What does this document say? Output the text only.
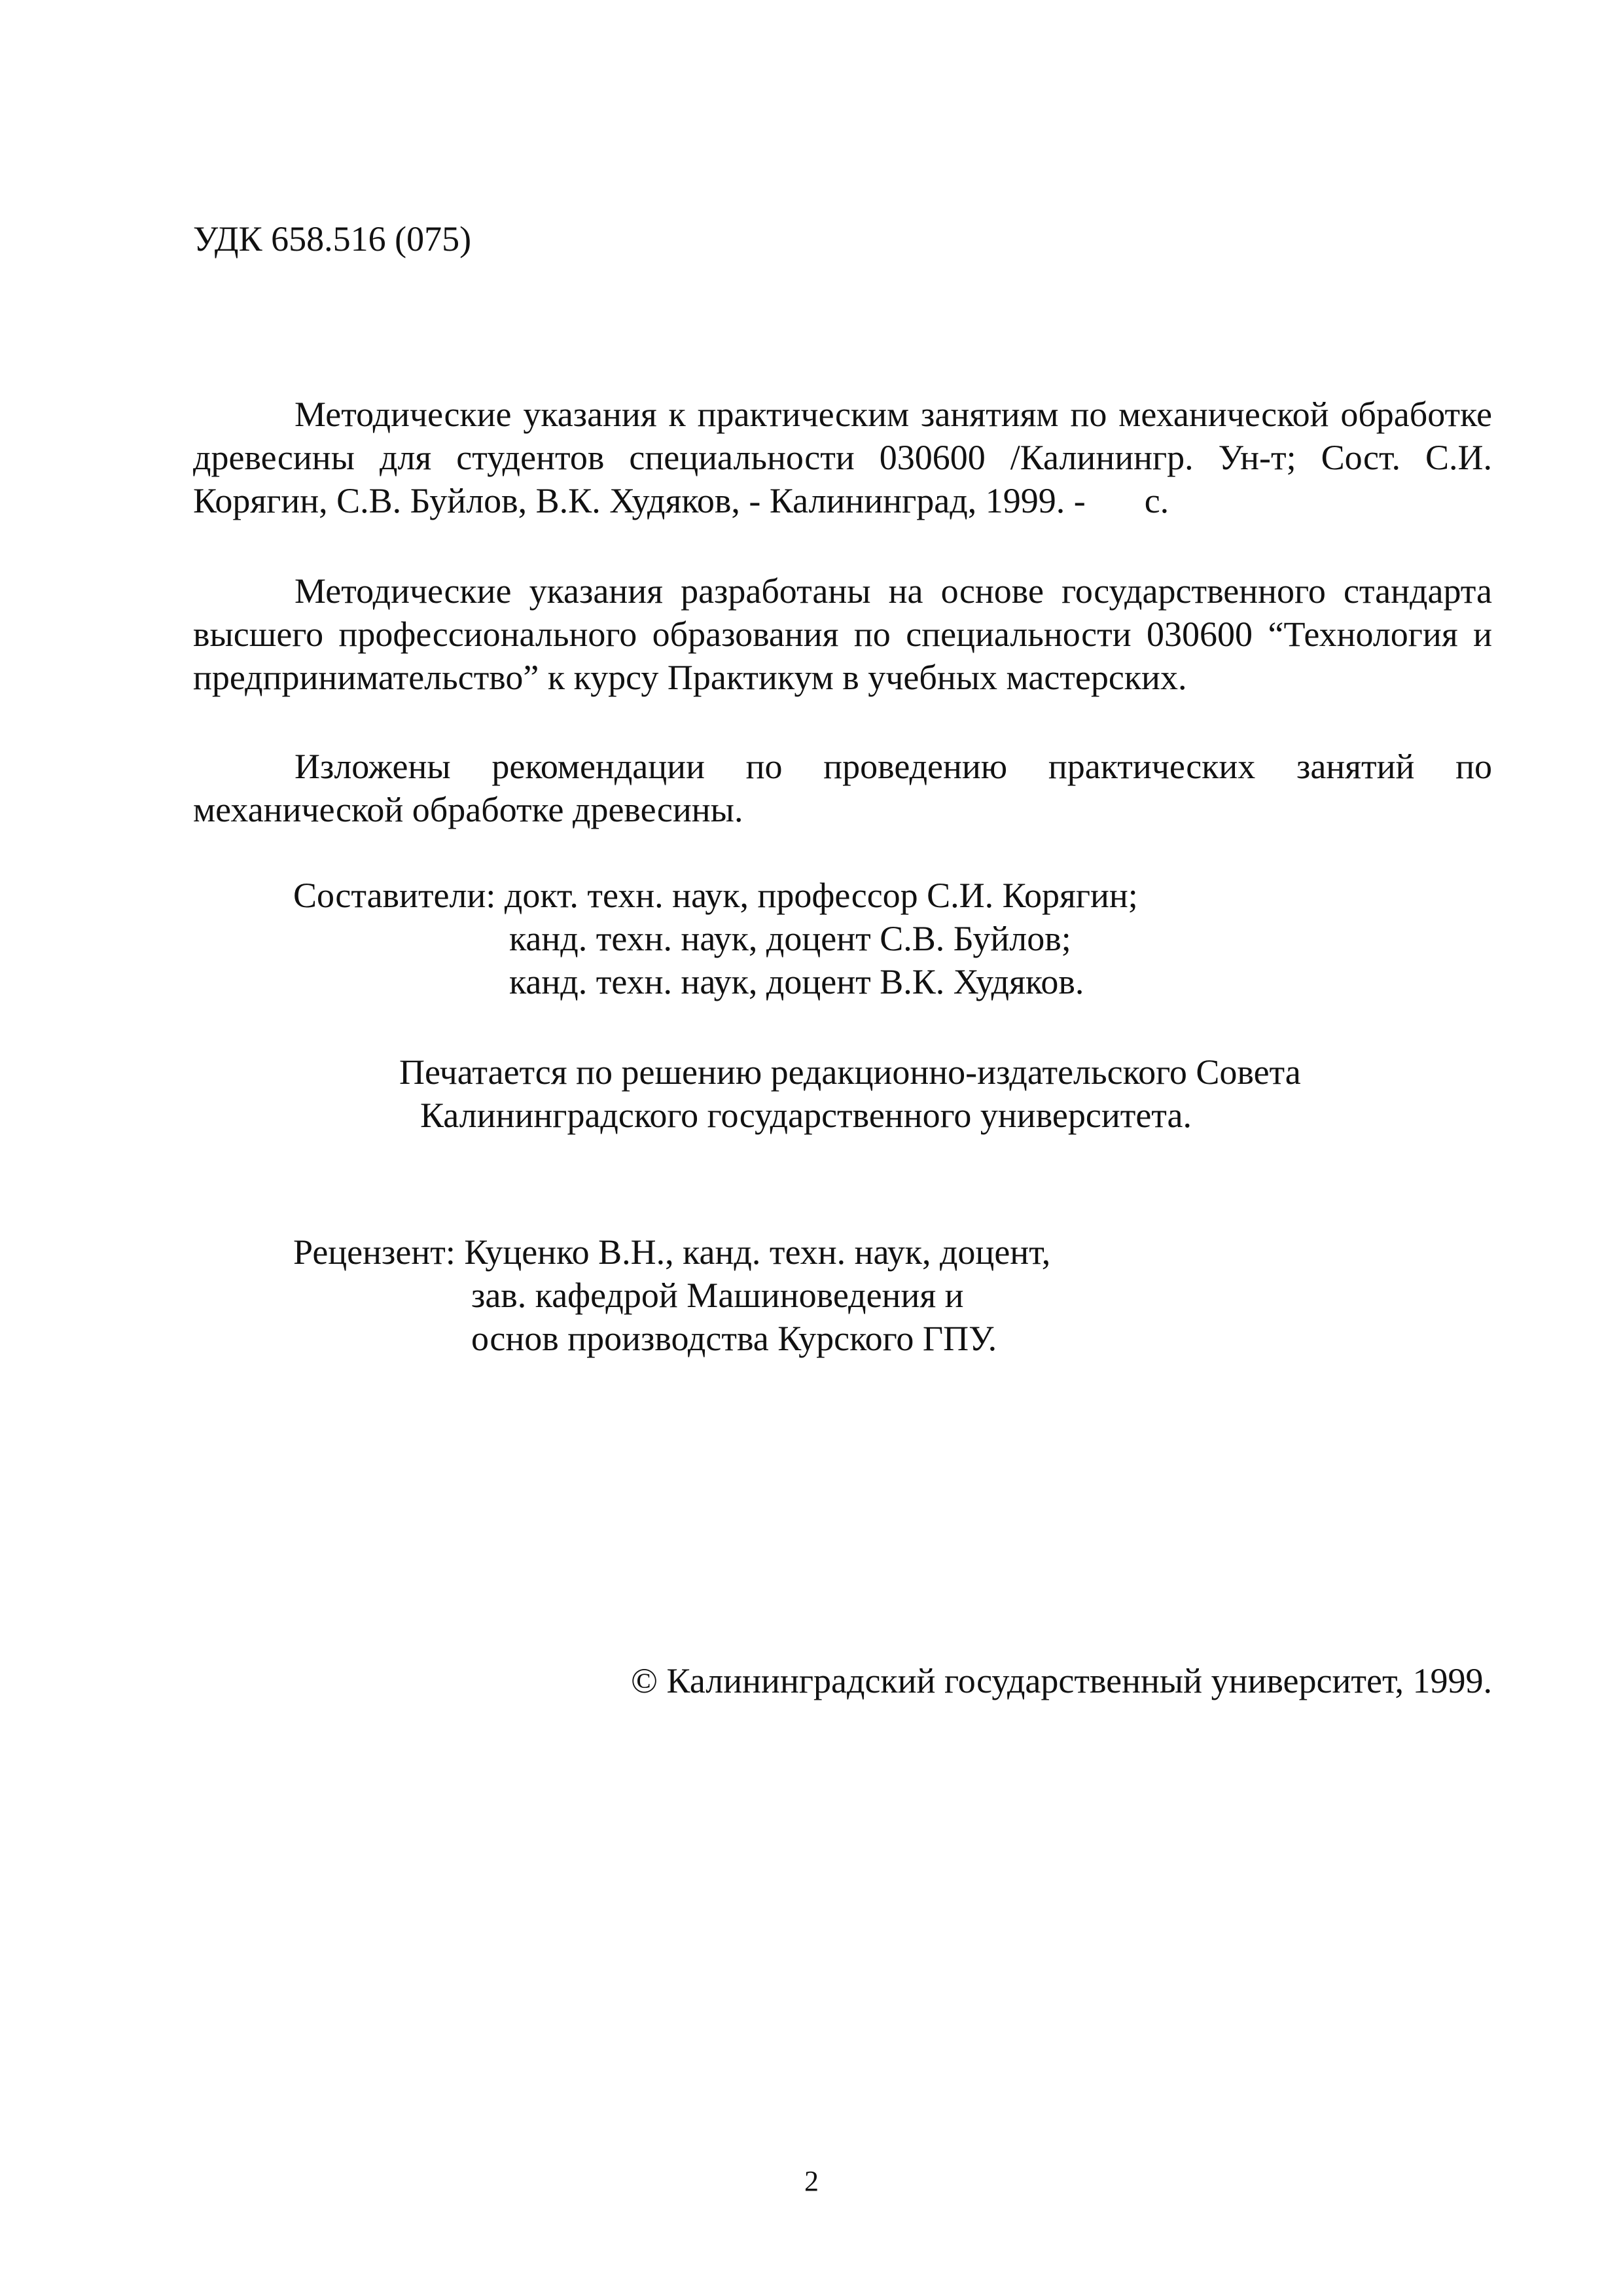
УДК 658.516 (075)

Методические указания к практическим занятиям по механической обработке древесины для студентов специальности 030600 /Калинингр. Ун-т; Сост. С.И. Корягин, С.В. Буйлов, В.К. Худяков, - Калининград, 1999. - с.

Методические указания разработаны на основе государственного стандарта высшего профессионального образования по специальности 030600 “Технология и предпринимательство” к курсу Практикум в учебных мастерских.

Изложены рекомендации по проведению практических занятий по механической обработке древесины.

Составители: докт. техн. наук, профессор С.И. Корягин;
канд. техн. наук, доцент С.В. Буйлов;
канд. техн. наук, доцент В.К. Худяков.
Печатается по решению редакционно-издательского Совета
Калининградского государственного университета.
Рецензент: Куценко В.Н., канд. техн. наук, доцент,
зав. кафедрой Машиноведения и
основ производства Курского ГПУ.
© Калининградский государственный университет, 1999.
2
